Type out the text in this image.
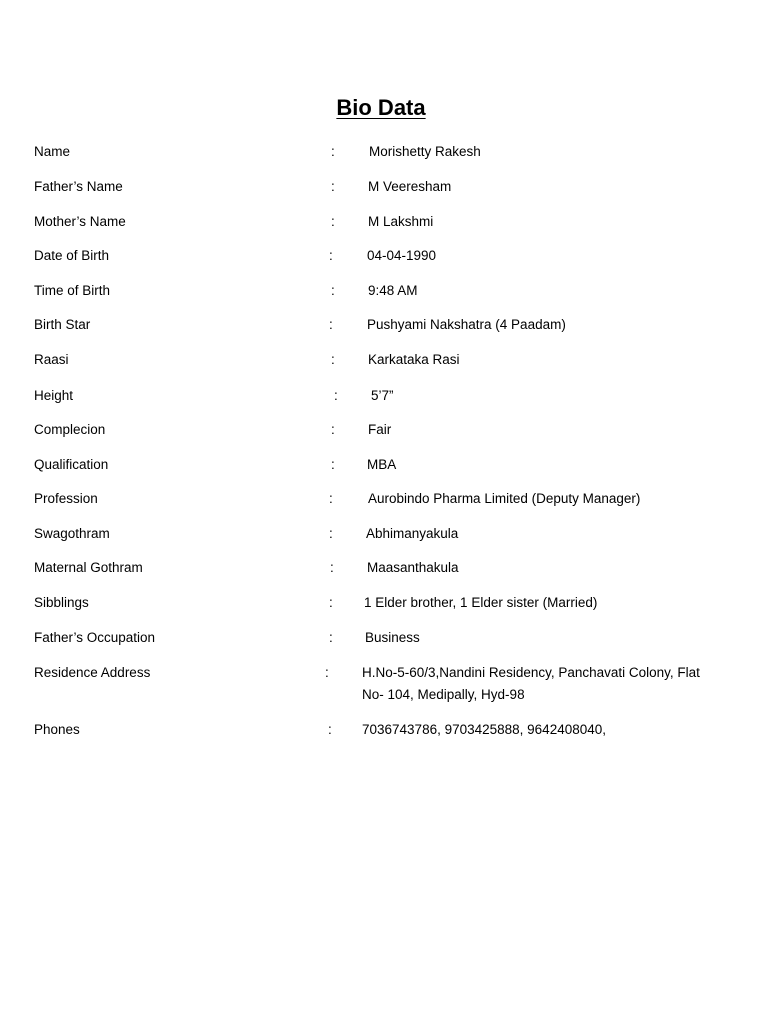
Bio Data
Name	:	Morishetty Rakesh
Father’s Name	: M Veeresham
Mother’s Name	: M Lakshmi
Date of Birth	:	04-04-1990
Time of Birth	: 9:48 AM
Birth Star	:	Pushyami Nakshatra (4 Paadam)
Raasi	: Karkataka Rasi
Height	: 5’7”
Complecion	: Fair
Qualification	: MBA
Profession	:	Aurobindo Pharma Limited (Deputy Manager)
Swagothram	: Abhimanyakula
Maternal Gothram	: Maasanthakula
Sibblings	: 1 Elder brother, 1 Elder sister (Married)
Father’s Occupation	: Business
Residence Address	: H.No-5-60/3,Nandini Residency, Panchavati Colony, Flat No- 104, Medipally, Hyd-98
Phones	: 7036743786, 9703425888, 9642408040,
